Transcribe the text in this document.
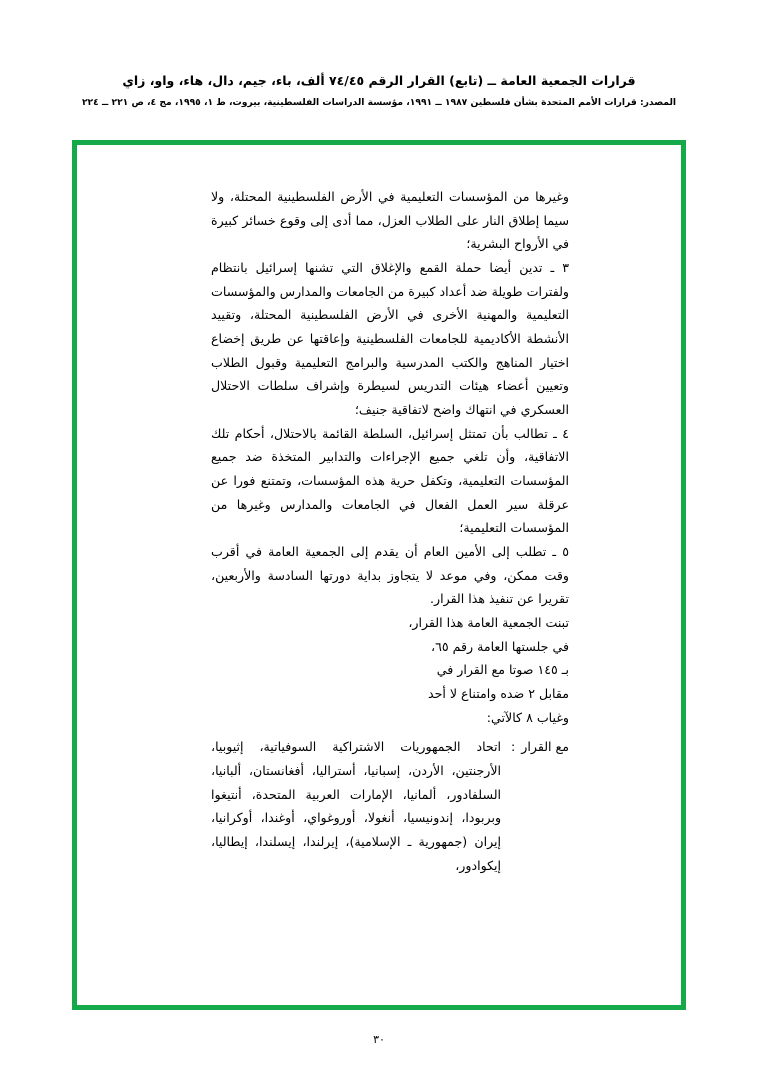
قرارات الجمعية العامة ــ (تابع) القرار الرقم ٧٤/٤٥ ألف، باء، جيم، دال، هاء، واو، زاي
المصدر: قرارات الأمم المتحدة بشأن فلسطين ١٩٨٧ ــ ١٩٩١، مؤسسة الدراسات الفلسطينية، بيروت، ط ١، ١٩٩٥، مج ٤، ص ٢٢١ ــ ٢٢٤

وغيرها من المؤسسات التعليمية في الأرض الفلسطينية المحتلة، ولا سيما إطلاق النار على الطلاب العزل، مما أدى إلى وقوع خسائر كبيرة في الأرواح البشرية؛

٣ ـ تدين أيضا حملة القمع والإغلاق التي تشنها إسرائيل بانتظام ولفترات طويلة ضد أعداد كبيرة من الجامعات والمدارس والمؤسسات التعليمية والمهنية الأخرى في الأرض الفلسطينية المحتلة، وتقييد الأنشطة الأكاديمية للجامعات الفلسطينية وإعاقتها عن طريق إخضاع اختيار المناهج والكتب المدرسية والبرامج التعليمية وقبول الطلاب وتعيين أعضاء هيئات التدريس لسيطرة وإشراف سلطات الاحتلال العسكري في انتهاك واضح لاتفاقية جنيف؛

٤ ـ تطالب بأن تمتثل إسرائيل، السلطة القائمة بالاحتلال، أحكام تلك الاتفاقية، وأن تلغي جميع الإجراءات والتدابير المتخذة ضد جميع المؤسسات التعليمية، وتكفل حرية هذه المؤسسات، وتمتنع فورا عن عرقلة سير العمل الفعال في الجامعات والمدارس وغيرها من المؤسسات التعليمية؛

٥ ـ تطلب إلى الأمين العام أن يقدم إلى الجمعية العامة في أقرب وقت ممكن، وفي موعد لا يتجاوز بداية دورتها السادسة والأربعين، تقريرا عن تنفيذ هذا القرار.

تبنت الجمعية العامة هذا القرار،

في جلستها العامة رقم ٦٥،

بـ ١٤٥ صوتا مع القرار في

مقابل ٢ ضده وامتناع لا أحد

وغياب ٨ كالآتي:

مع القرار
:
اتحاد الجمهوريات الاشتراكية السوفياتية، إثيوبيا، الأرجنتين، الأردن، إسبانيا، أستراليا، أفغانستان، ألبانيا، السلفادور، ألمانيا، الإمارات العربية المتحدة، أنتيغوا وبربودا، إندونيسيا، أنغولا، أوروغواي، أوغندا، أوكرانيا، إيران (جمهورية ـ الإسلامية)، إيرلندا، إيسلندا، إيطاليا، إيكوادور،
٣٠
